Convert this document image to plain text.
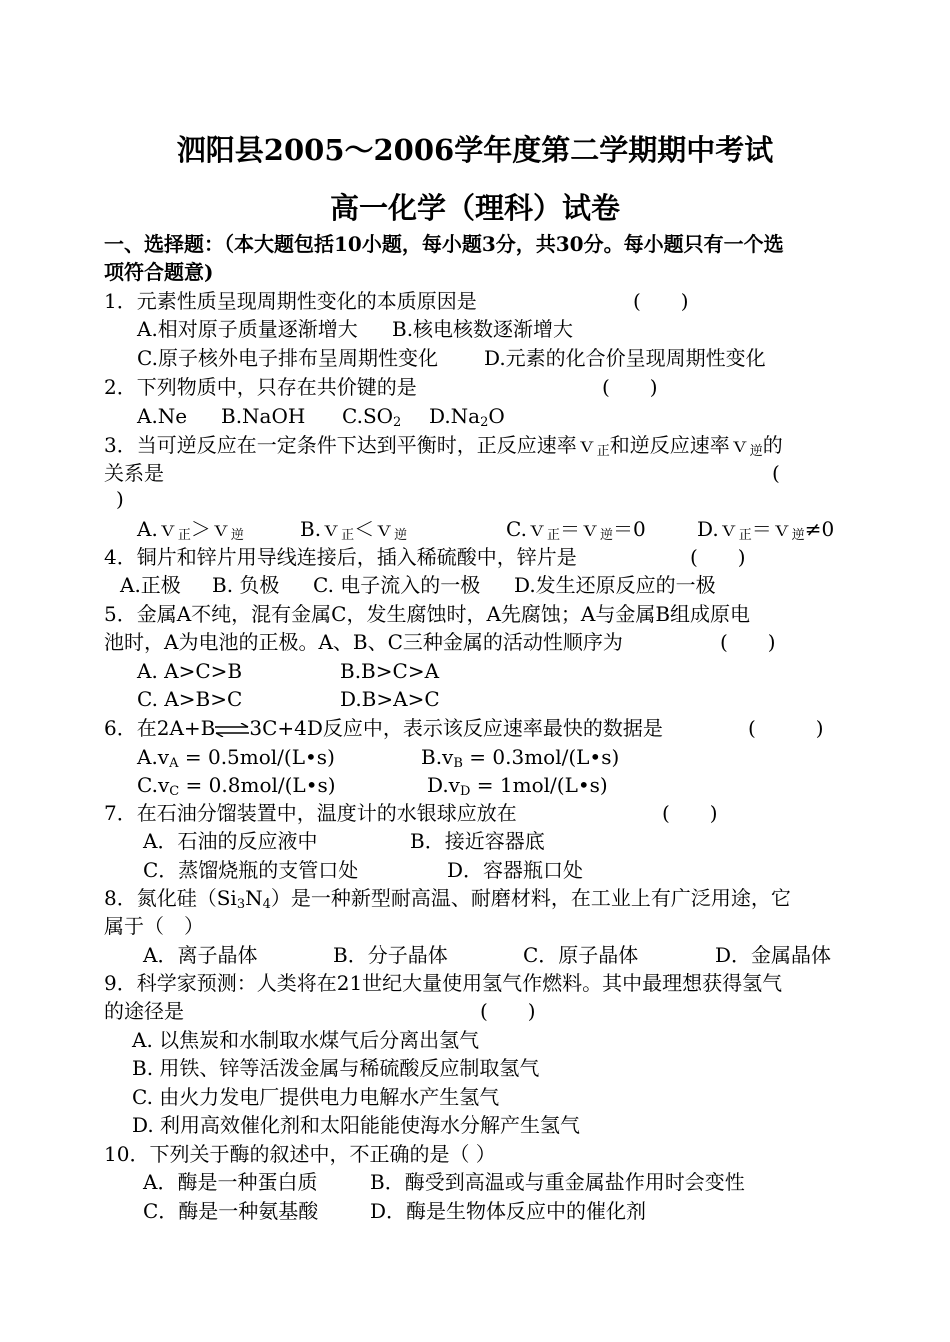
泗阳县2005～2006学年度第二学期期中考试
高一化学（理科）试卷
一、选择题：（本大题包括10小题，每小题3分，共30分。每小题只有一个选
项符合题意)
1．元素性质呈现周期性变化的本质原因是	(　　)
A.相对原子质量逐渐增大 B.核电核数逐渐增大
C.原子核外电子排布呈周期性变化 D.元素的化合价呈现周期性变化
2．下列物质中，只存在共价键的是	(　　)
A.Ne B.NaOH $C.SO_2$ $D.Na_2O$
3．当可逆反应在一定条件下达到平衡时，正反应速率ｖ$_正$和逆反应速率ｖ$_逆$的
关系是	(
)
A.ｖ$_正$＞ｖ$_逆$	B.ｖ$_正$＜ｖ$_逆$	C.ｖ$_正$＝ｖ$_逆$＝0	D.ｖ$_正$＝ｖ$_逆$≠0
4．铜片和锌片用导线连接后，插入稀硫酸中，锌片是	(　　)
A.正极 B. 负极 C. 电子流入的一极 D.发生还原反应的一极
5．金属A不纯，混有金属C，发生腐蚀时，A先腐蚀；A与金属B组成原电
池时，A为电池的正极。A、B、C三种金属的活动性顺序为	(　　)
A. A>C>B	B.B>C>A
C. A>B>C	D.B>A>C
6．在2A+B⇌3C+4D反应中，表示该反应速率最快的数据是	(　　　)
$A.v_A$ = 0.5mol/(L•s)	$B.v_B$ = 0.3mol/(L•s)
$C.v_C$ = 0.8mol/(L•s)	$D.v_D$ = 1mol/(L•s)
7．在石油分馏装置中，温度计的水银球应放在	(　　)
A．石油的反应液中	B．接近容器底
C．蒸馏烧瓶的支管口处	D．容器瓶口处
8．氮化硅$(Si_3N_4)$是一种新型耐高温、耐磨材料，在工业上有广泛用途，它
属于（　）
A．离子晶体	B．分子晶体	C．原子晶体	D．金属晶体
9．科学家预测：人类将在21世纪大量使用氢气作燃料。其中最理想获得氢气
的途径是	(　　)
A. 以焦炭和水制取水煤气后分离出氢气
B. 用铁、锌等活泼金属与稀硫酸反应制取氢气
C. 由火力发电厂提供电力电解水产生氢气
D. 利用高效催化剂和太阳能能使海水分解产生氢气
10．下列关于酶的叙述中，不正确的是（ ）
A．酶是一种蛋白质	B．酶受到高温或与重金属盐作用时会变性
C．酶是一种氨基酸	D．酶是生物体反应中的催化剂
